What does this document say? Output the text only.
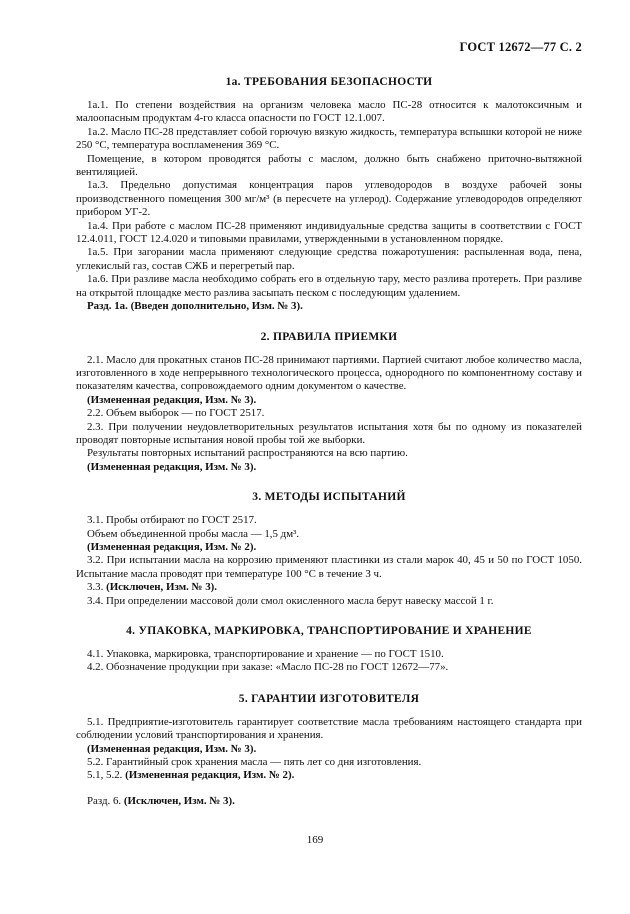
ГОСТ 12672—77 С. 2
1а. ТРЕБОВАНИЯ БЕЗОПАСНОСТИ

1а.1. По степени воздействия на организм человека масло ПС-28 относится к малотоксичным и малоопасным продуктам 4-го класса опасности по ГОСТ 12.1.007.

1а.2. Масло ПС-28 представляет собой горючую вязкую жидкость, температура вспышки которой не ниже 250 °С, температура воспламенения 369 °С.

Помещение, в котором проводятся работы с маслом, должно быть снабжено приточно-вытяжной вентиляцией.

1а.3. Предельно допустимая концентрация паров углеводородов в воздухе рабочей зоны производственного помещения 300 мг/м³ (в пересчете на углерод). Содержание углеводородов определяют прибором УГ-2.

1а.4. При работе с маслом ПС-28 применяют индивидуальные средства защиты в соответствии с ГОСТ 12.4.011, ГОСТ 12.4.020 и типовыми правилами, утвержденными в установленном порядке.

1а.5. При загорании масла применяют следующие средства пожаротушения: распыленная вода, пена, углекислый газ, состав СЖБ и перегретый пар.

1а.6. При разливе масла необходимо собрать его в отдельную тару, место разлива протереть. При разливе на открытой площадке место разлива засыпать песком с последующим удалением.

Разд. 1а. (Введен дополнительно, Изм. № 3).

2. ПРАВИЛА ПРИЕМКИ

2.1. Масло для прокатных станов ПС-28 принимают партиями. Партией считают любое количество масла, изготовленного в ходе непрерывного технологического процесса, однородного по компонентному составу и показателям качества, сопровождаемого одним документом о качестве.

(Измененная редакция, Изм. № 3).

2.2. Объем выборок — по ГОСТ 2517.

2.3. При получении неудовлетворительных результатов испытания хотя бы по одному из показателей проводят повторные испытания новой пробы той же выборки.

Результаты повторных испытаний распространяются на всю партию.

(Измененная редакция, Изм. № 3).

3. МЕТОДЫ ИСПЫТАНИЙ

3.1. Пробы отбирают по ГОСТ 2517.

Объем объединенной пробы масла — 1,5 дм³.

(Измененная редакция, Изм. № 2).

3.2. При испытании масла на коррозию применяют пластинки из стали марок 40, 45 и 50 по ГОСТ 1050. Испытание масла проводят при температуре 100 °С в течение 3 ч.

3.3. (Исключен, Изм. № 3).

3.4. При определении массовой доли смол окисленного масла берут навеску массой 1 г.

4. УПАКОВКА, МАРКИРОВКА, ТРАНСПОРТИРОВАНИЕ И ХРАНЕНИЕ

4.1. Упаковка, маркировка, транспортирование и хранение — по ГОСТ 1510.

4.2. Обозначение продукции при заказе: «Масло ПС-28 по ГОСТ 12672—77».

5. ГАРАНТИИ ИЗГОТОВИТЕЛЯ

5.1. Предприятие-изготовитель гарантирует соответствие масла требованиям настоящего стандарта при соблюдении условий транспортирования и хранения.

(Измененная редакция, Изм. № 3).

5.2. Гарантийный срок хранения масла — пять лет со дня изготовления.

5.1, 5.2. (Измененная редакция, Изм. № 2).

Разд. 6. (Исключен, Изм. № 3).

169
